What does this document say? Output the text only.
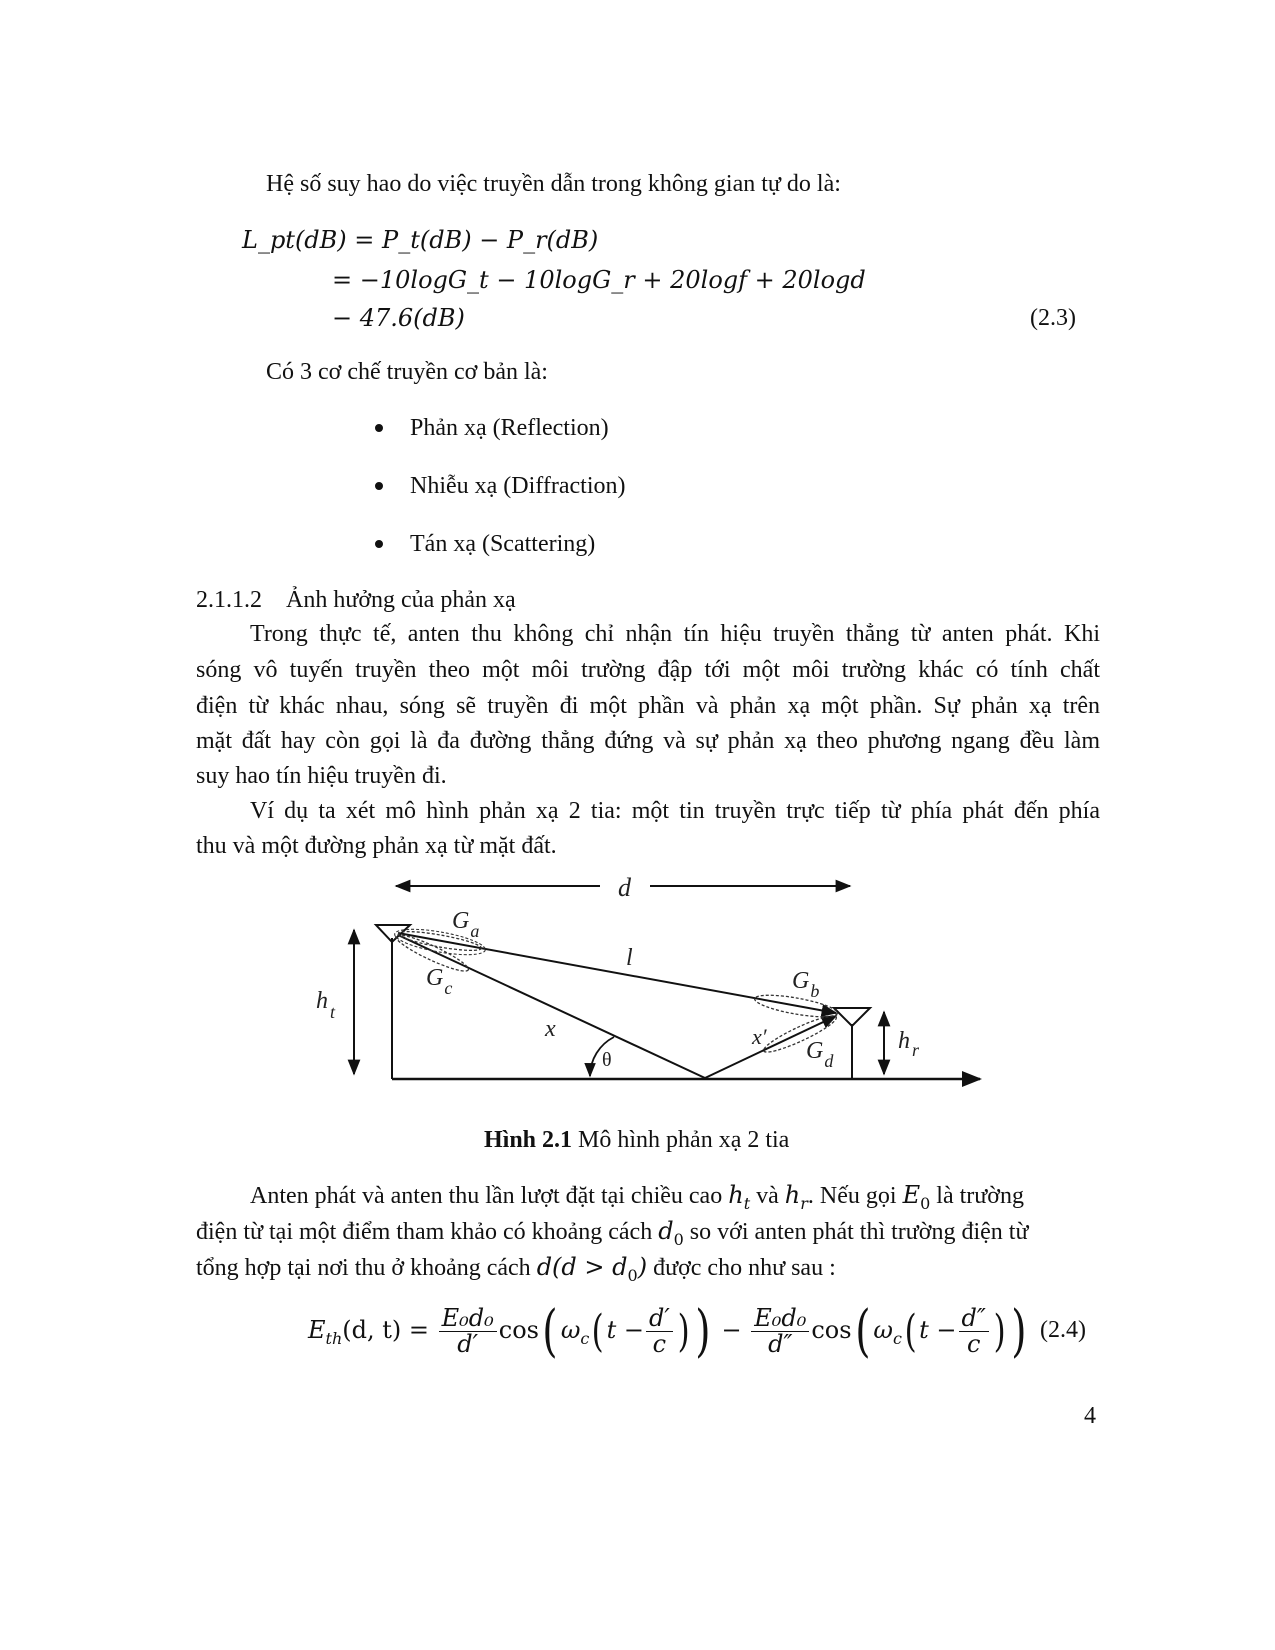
Hệ số suy hao do việc truyền dẫn trong không gian tự do là:
L_pt(dB) = P_t(dB) − P_r(dB)
= −10logG_t − 10logG_r + 20logf + 20logd
− 47.6(dB)	(2.3)
Có 3 cơ chế truyền cơ bản là:
Phản xạ (Reflection)
Nhiễu xạ (Diffraction)
Tán xạ (Scattering)
2.1.1.2 Ảnh hưởng của phản xạ
Trong thực tế, anten thu không chỉ nhận tín hiệu truyền thẳng từ anten phát. Khi
sóng vô tuyến truyền theo một môi trường đập tới một môi trường khác có tính chất
điện từ khác nhau, sóng sẽ truyền đi một phần và phản xạ một phần. Sự phản xạ trên
mặt đất hay còn gọi là đa đường thẳng đứng và sự phản xạ theo phương ngang đều làm
suy hao tín hiệu truyền đi.
Ví dụ ta xét mô hình phản xạ 2 tia: một tin truyền trực tiếp từ phía phát đến phía
thu và một đường phản xạ từ mặt đất.
d
h $_t$
h $_r$
l
x	x′
θ
$G_a$
$G_c$	$G_b$
$G_d$
Hình 2.1 Mô hình phản xạ 2 tia
Anten phát và anten thu lần lượt đặt tại chiều cao $h_t$ và $h_r$. Nếu gọi $E_0$ là trường
điện từ tại một điểm tham khảo có khoảng cách $d_0$ so với anten phát thì trường điện từ
tổng hợp tại nơi thu ở khoảng cách $d(d > d_0)$ được cho như sau :
$E_{th}(d$, $t) = \frac{\text{E₀d₀}}{d'} \cos$( $\omega_c$( $t - \frac{d'}{c}$ ) ) − $\frac{\text{E₀d₀}}{d''} \cos$( $\omega_c$( $t - \frac{d''}{c}$ ) ) (2.4)
4
